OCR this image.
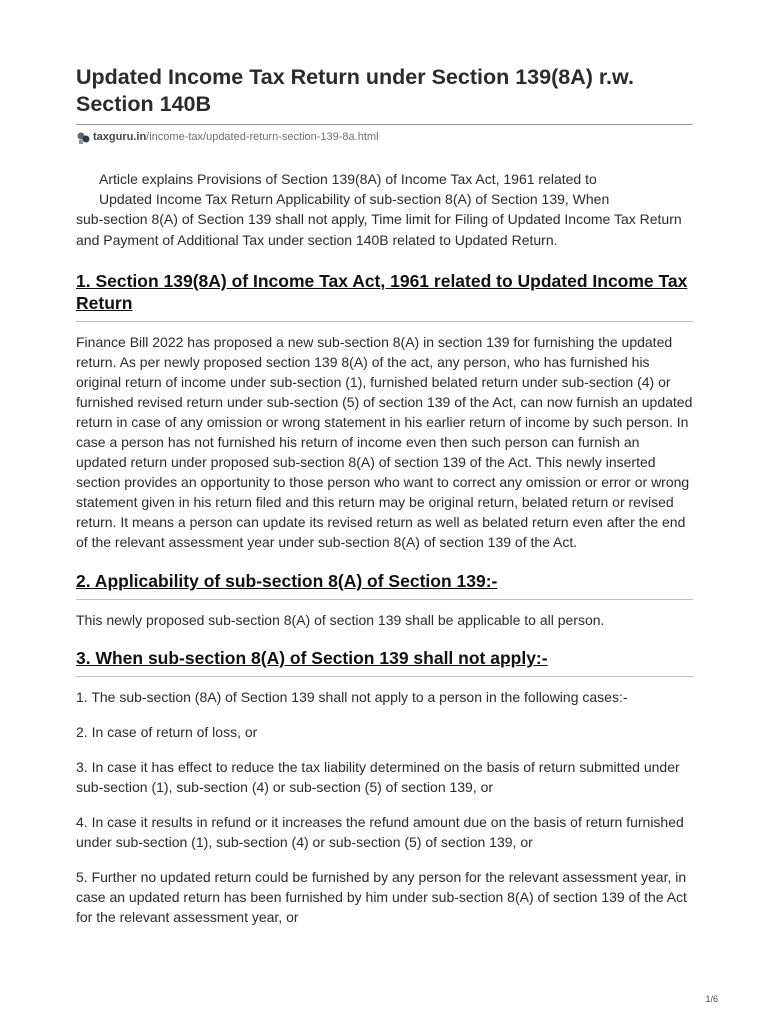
Updated Income Tax Return under Section 139(8A) r.w. Section 140B
taxguru.in /income-tax/updated-return-section-139-8a.html
Article explains Provisions of Section 139(8A) of Income Tax Act, 1961 related to
Updated Income Tax Return Applicability of sub-section 8(A) of Section 139, When
sub-section 8(A) of Section 139 shall not apply, Time limit for Filing of Updated Income Tax Return and Payment of Additional Tax under section 140B related to Updated Return.
1. Section 139(8A) of Income Tax Act, 1961 related to Updated Income Tax Return

Finance Bill 2022 has proposed a new sub-section 8(A) in section 139 for furnishing the updated return. As per newly proposed section 139 8(A) of the act, any person, who has furnished his original return of income under sub-section (1), furnished belated return under sub-section (4) or furnished revised return under sub-section (5) of section 139 of the Act, can now furnish an updated return in case of any omission or wrong statement in his earlier return of income by such person. In case a person has not furnished his return of income even then such person can furnish an updated return under proposed sub-section 8(A) of section 139 of the Act. This newly inserted section provides an opportunity to those person who want to correct any omission or error or wrong statement given in his return filed and this return may be original return, belated return or revised return. It means a person can update its revised return as well as belated return even after the end of the relevant assessment year under sub-section 8(A) of section 139 of the Act.

2. Applicability of sub-section 8(A) of Section 139:-

This newly proposed sub-section 8(A) of section 139 shall be applicable to all person.

3. When sub-section 8(A) of Section 139 shall not apply:-

1. The sub-section (8A) of Section 139 shall not apply to a person in the following cases:-

2. In case of return of loss, or

3. In case it has effect to reduce the tax liability determined on the basis of return submitted under sub-section (1), sub-section (4) or sub-section (5) of section 139, or

4. In case it results in refund or it increases the refund amount due on the basis of return furnished under sub-section (1), sub-section (4) or sub-section (5) of section 139, or

5. Further no updated return could be furnished by any person for the relevant assessment year, in case an updated return has been furnished by him under sub-section 8(A) of section 139 of the Act for the relevant assessment year, or

1/6
